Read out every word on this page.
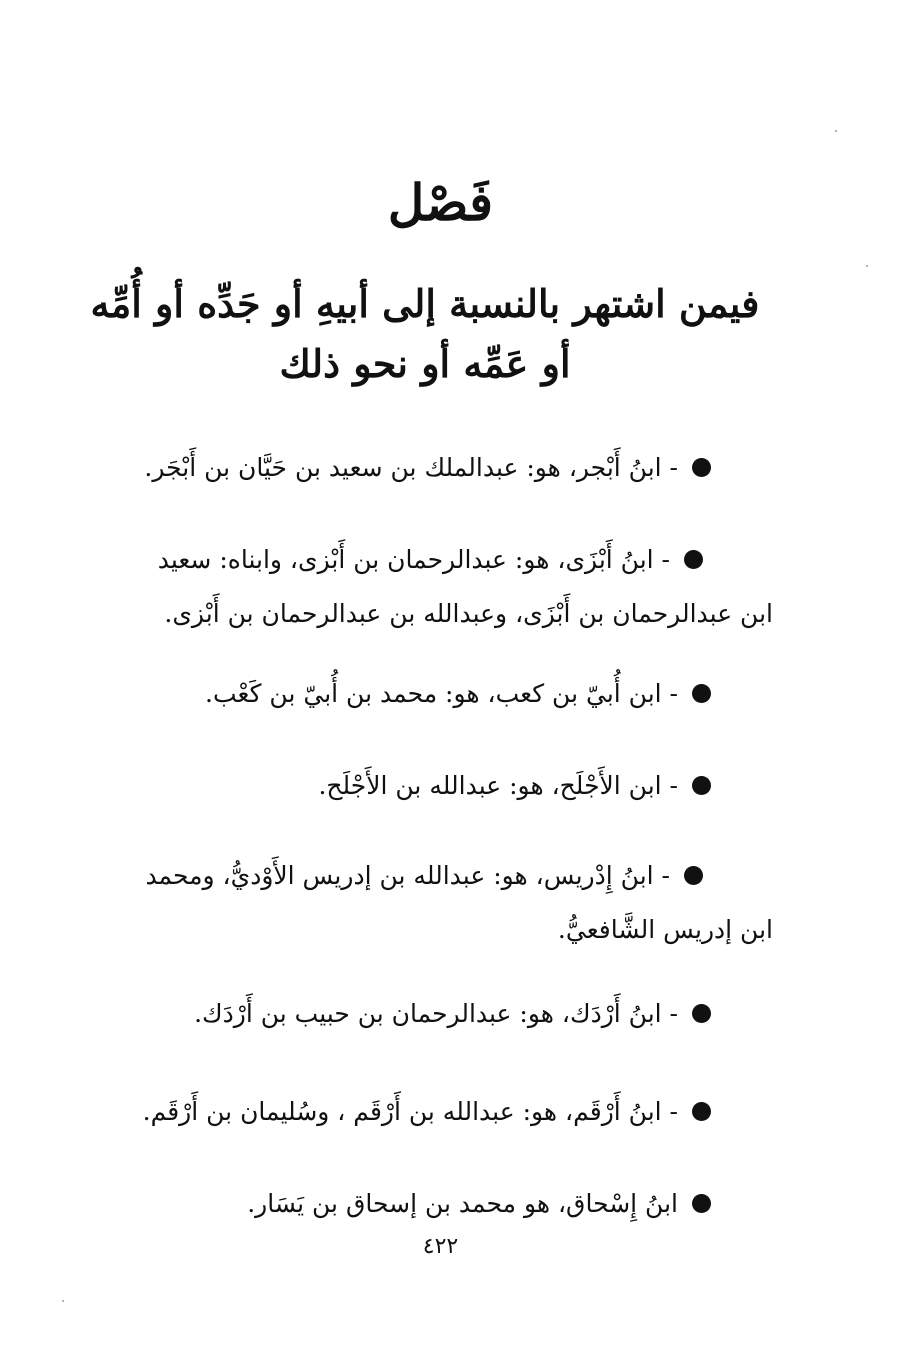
فَصْل
فيمن اشتهر بالنسبة إلى أبيهِ أو جَدِّه أو أُمِّه
أو عَمِّه أو نحو ذلك
- ابنُ أَبْجر، هو: عبدالملك بن سعيد بن حَيَّان بن أَبْجَر.
- ابنُ أَبْزَى، هو: عبدالرحمان بن أَبْزى، وابناه: سعيد
ابن عبدالرحمان بن أَبْزَى، وعبدالله بن عبدالرحمان بن أَبْزى.
- ابن أُبيّ بن كعب، هو: محمد بن أُبيّ بن كَعْب.
- ابن الأَجْلَح، هو: عبدالله بن الأَجْلَح.
- ابنُ إِدْريس، هو: عبدالله بن إدريس الأَوْديُّ، ومحمد
ابن إدريس الشَّافعيُّ.
- ابنُ أَرْدَك، هو: عبدالرحمان بن حبيب بن أَرْدَك.
- ابنُ أَرْقَم، هو: عبدالله بن أَرْقَم ، وسُليمان بن أَرْقَم.
ابنُ إِسْحاق، هو محمد بن إسحاق بن يَسَار.
٤٢٢
